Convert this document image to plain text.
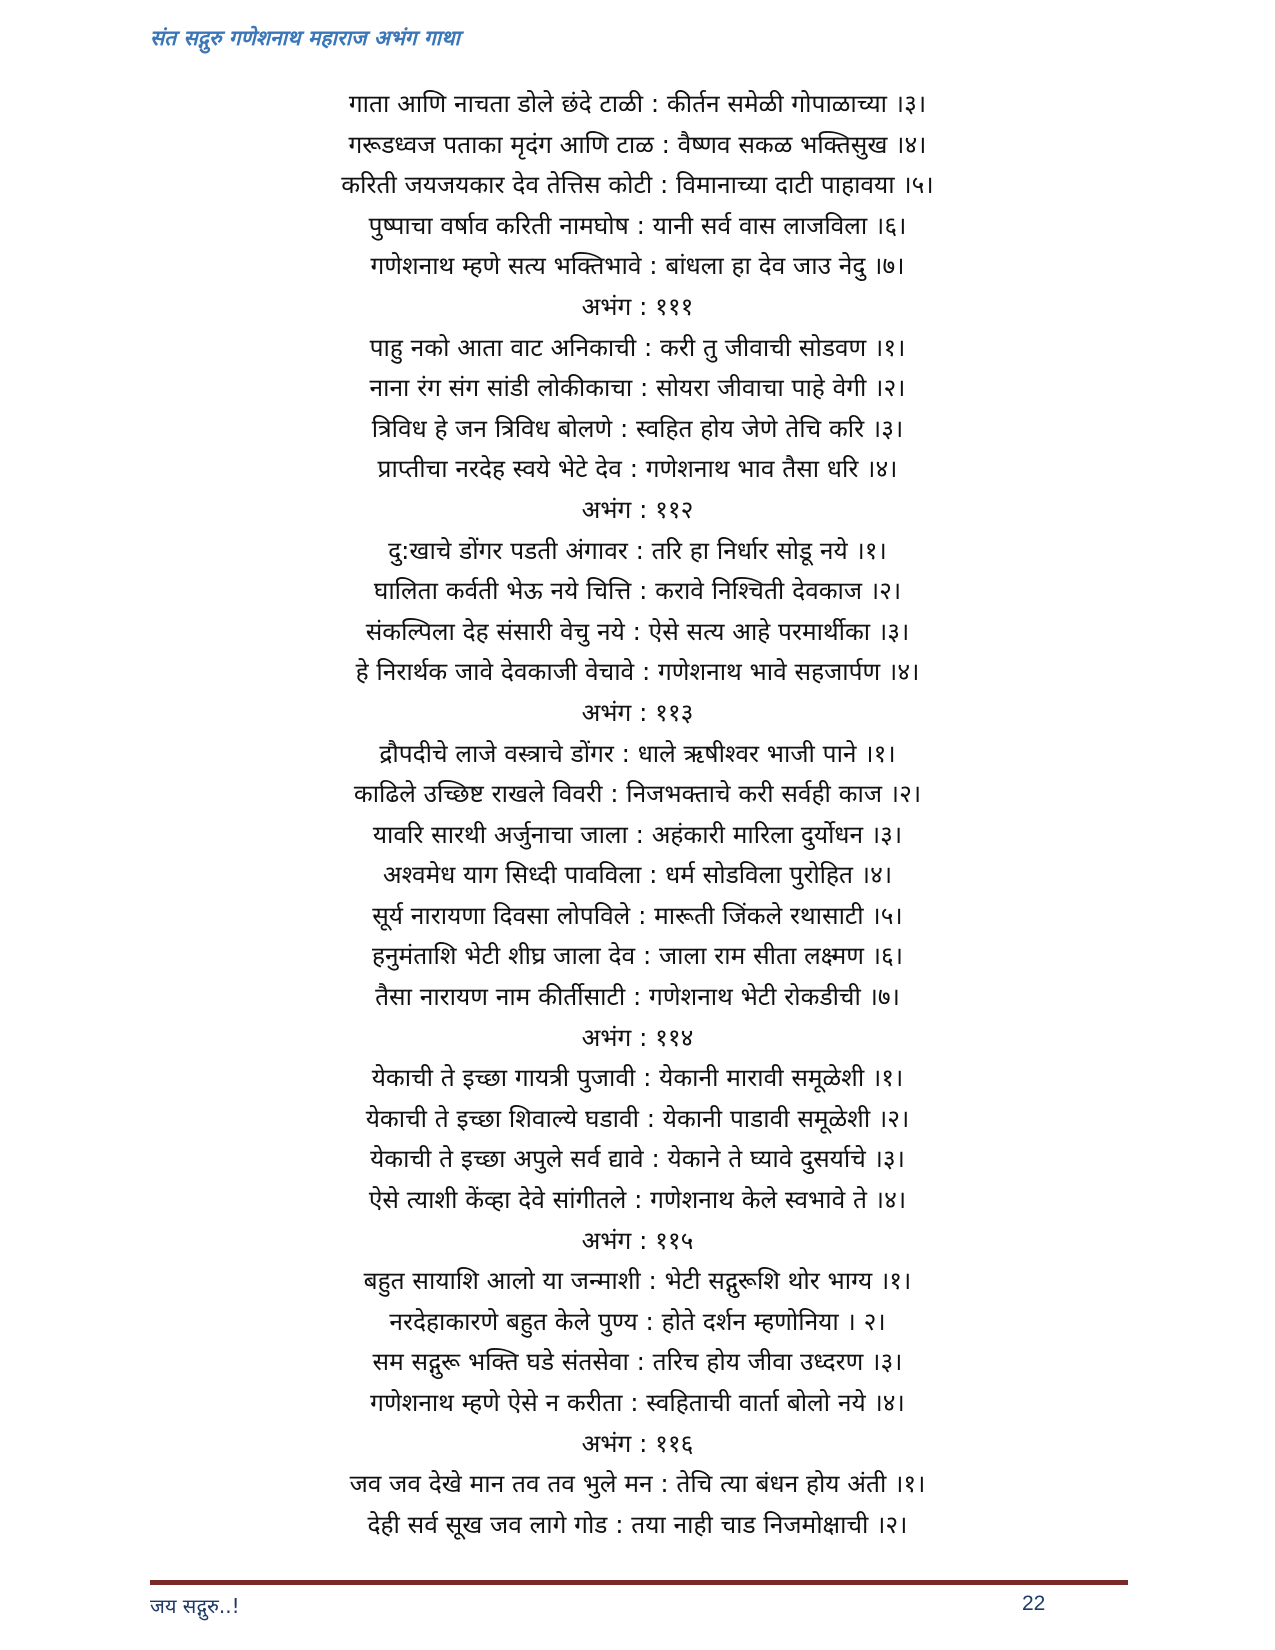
संत सद्गुरु गणेशनाथ महाराज अभंग गाथा
गाता आणि नाचता डोले छंदे टाळी : कीर्तन समेळी गोपाळाच्या ।३।
गरूडध्वज पताका मृदंग आणि टाळ : वैष्णव सकळ भक्तिसुख ।४।
करिती जयजयकार देव तेत्तिस कोटी : विमानाच्या दाटी पाहावया ।५।
पुष्पाचा वर्षाव करिती नामघोष : यानी सर्व वास लाजविला ।६।
गणेशनाथ म्हणे सत्य भक्तिभावे : बांधला हा देव जाउ नेदु ।७।
अभंग : १११
पाहु नको आता वाट अनिकाची : करी तु जीवाची सोडवण ।१।
नाना रंग संग सांडी लोकीकाचा : सोयरा जीवाचा पाहे वेगी ।२।
त्रिविध हे जन त्रिविध बोलणे : स्वहित होय जेणे तेचि करि ।३।
प्राप्तीचा नरदेह स्वये भेटे देव : गणेशनाथ भाव तैसा धरि ।४।
अभंग : ११२
दु:खाचे डोंगर पडती अंगावर : तरि हा निर्धार सोडू नये ।१।
घालिता कर्वती भेऊ नये चित्ति : करावे निश्चिती देवकाज ।२।
संकल्पिला देह संसारी वेचु नये : ऐसे सत्य आहे परमार्थीका ।३।
हे निरार्थक जावे देवकाजी वेचावे : गणेशनाथ भावे सहजार्पण ।४।
अभंग : ११३
द्रौपदीचे लाजे वस्त्राचे डोंगर : धाले ऋषीश्वर भाजी पाने ।१।
काढिले उच्छिष्ट राखले विवरी : निजभक्ताचे करी सर्वही काज ।२।
यावरि सारथी अर्जुनाचा जाला : अहंकारी मारिला दुर्योधन ।३।
अश्वमेध याग सिध्दी पावविला : धर्म सोडविला पुरोहित ।४।
सूर्य नारायणा दिवसा लोपविले : मारूती जिंकले रथासाटी ।५।
हनुमंताशि भेटी शीघ्र जाला देव : जाला राम सीता लक्ष्मण ।६।
तैसा नारायण नाम कीर्तीसाटी : गणेशनाथ भेटी रोकडीची ।७।
अभंग : ११४
येकाची ते इच्छा गायत्री पुजावी : येकानी मारावी समूळेशी ।१।
येकाची ते इच्छा शिवाल्ये घडावी : येकानी पाडावी समूळेशी ।२।
येकाची ते इच्छा अपुले सर्व द्यावे : येकाने ते घ्यावे दुसर्याचे ।३।
ऐसे त्याशी केंव्हा देवे सांगीतले : गणेशनाथ केले स्वभावे ते ।४।
अभंग : ११५
बहुत सायाशि आलो या जन्माशी : भेटी सद्गुरूशि थोर भाग्य ।१।
नरदेहाकारणे बहुत केले पुण्य : होते दर्शन म्हणोनिया । २।
सम सद्गुरू भक्ति घडे संतसेवा : तरिच होय जीवा उध्दरण ।३।
गणेशनाथ म्हणे ऐसे न करीता : स्वहिताची वार्ता बोलो नये ।४।
अभंग : ११६
जव जव देखे मान तव तव भुले मन : तेचि त्या बंधन होय अंती ।१।
देही सर्व सूख जव लागे गोड : तया नाही चाड निजमोक्षाची ।२।
जय सद्गुरु..!	22
